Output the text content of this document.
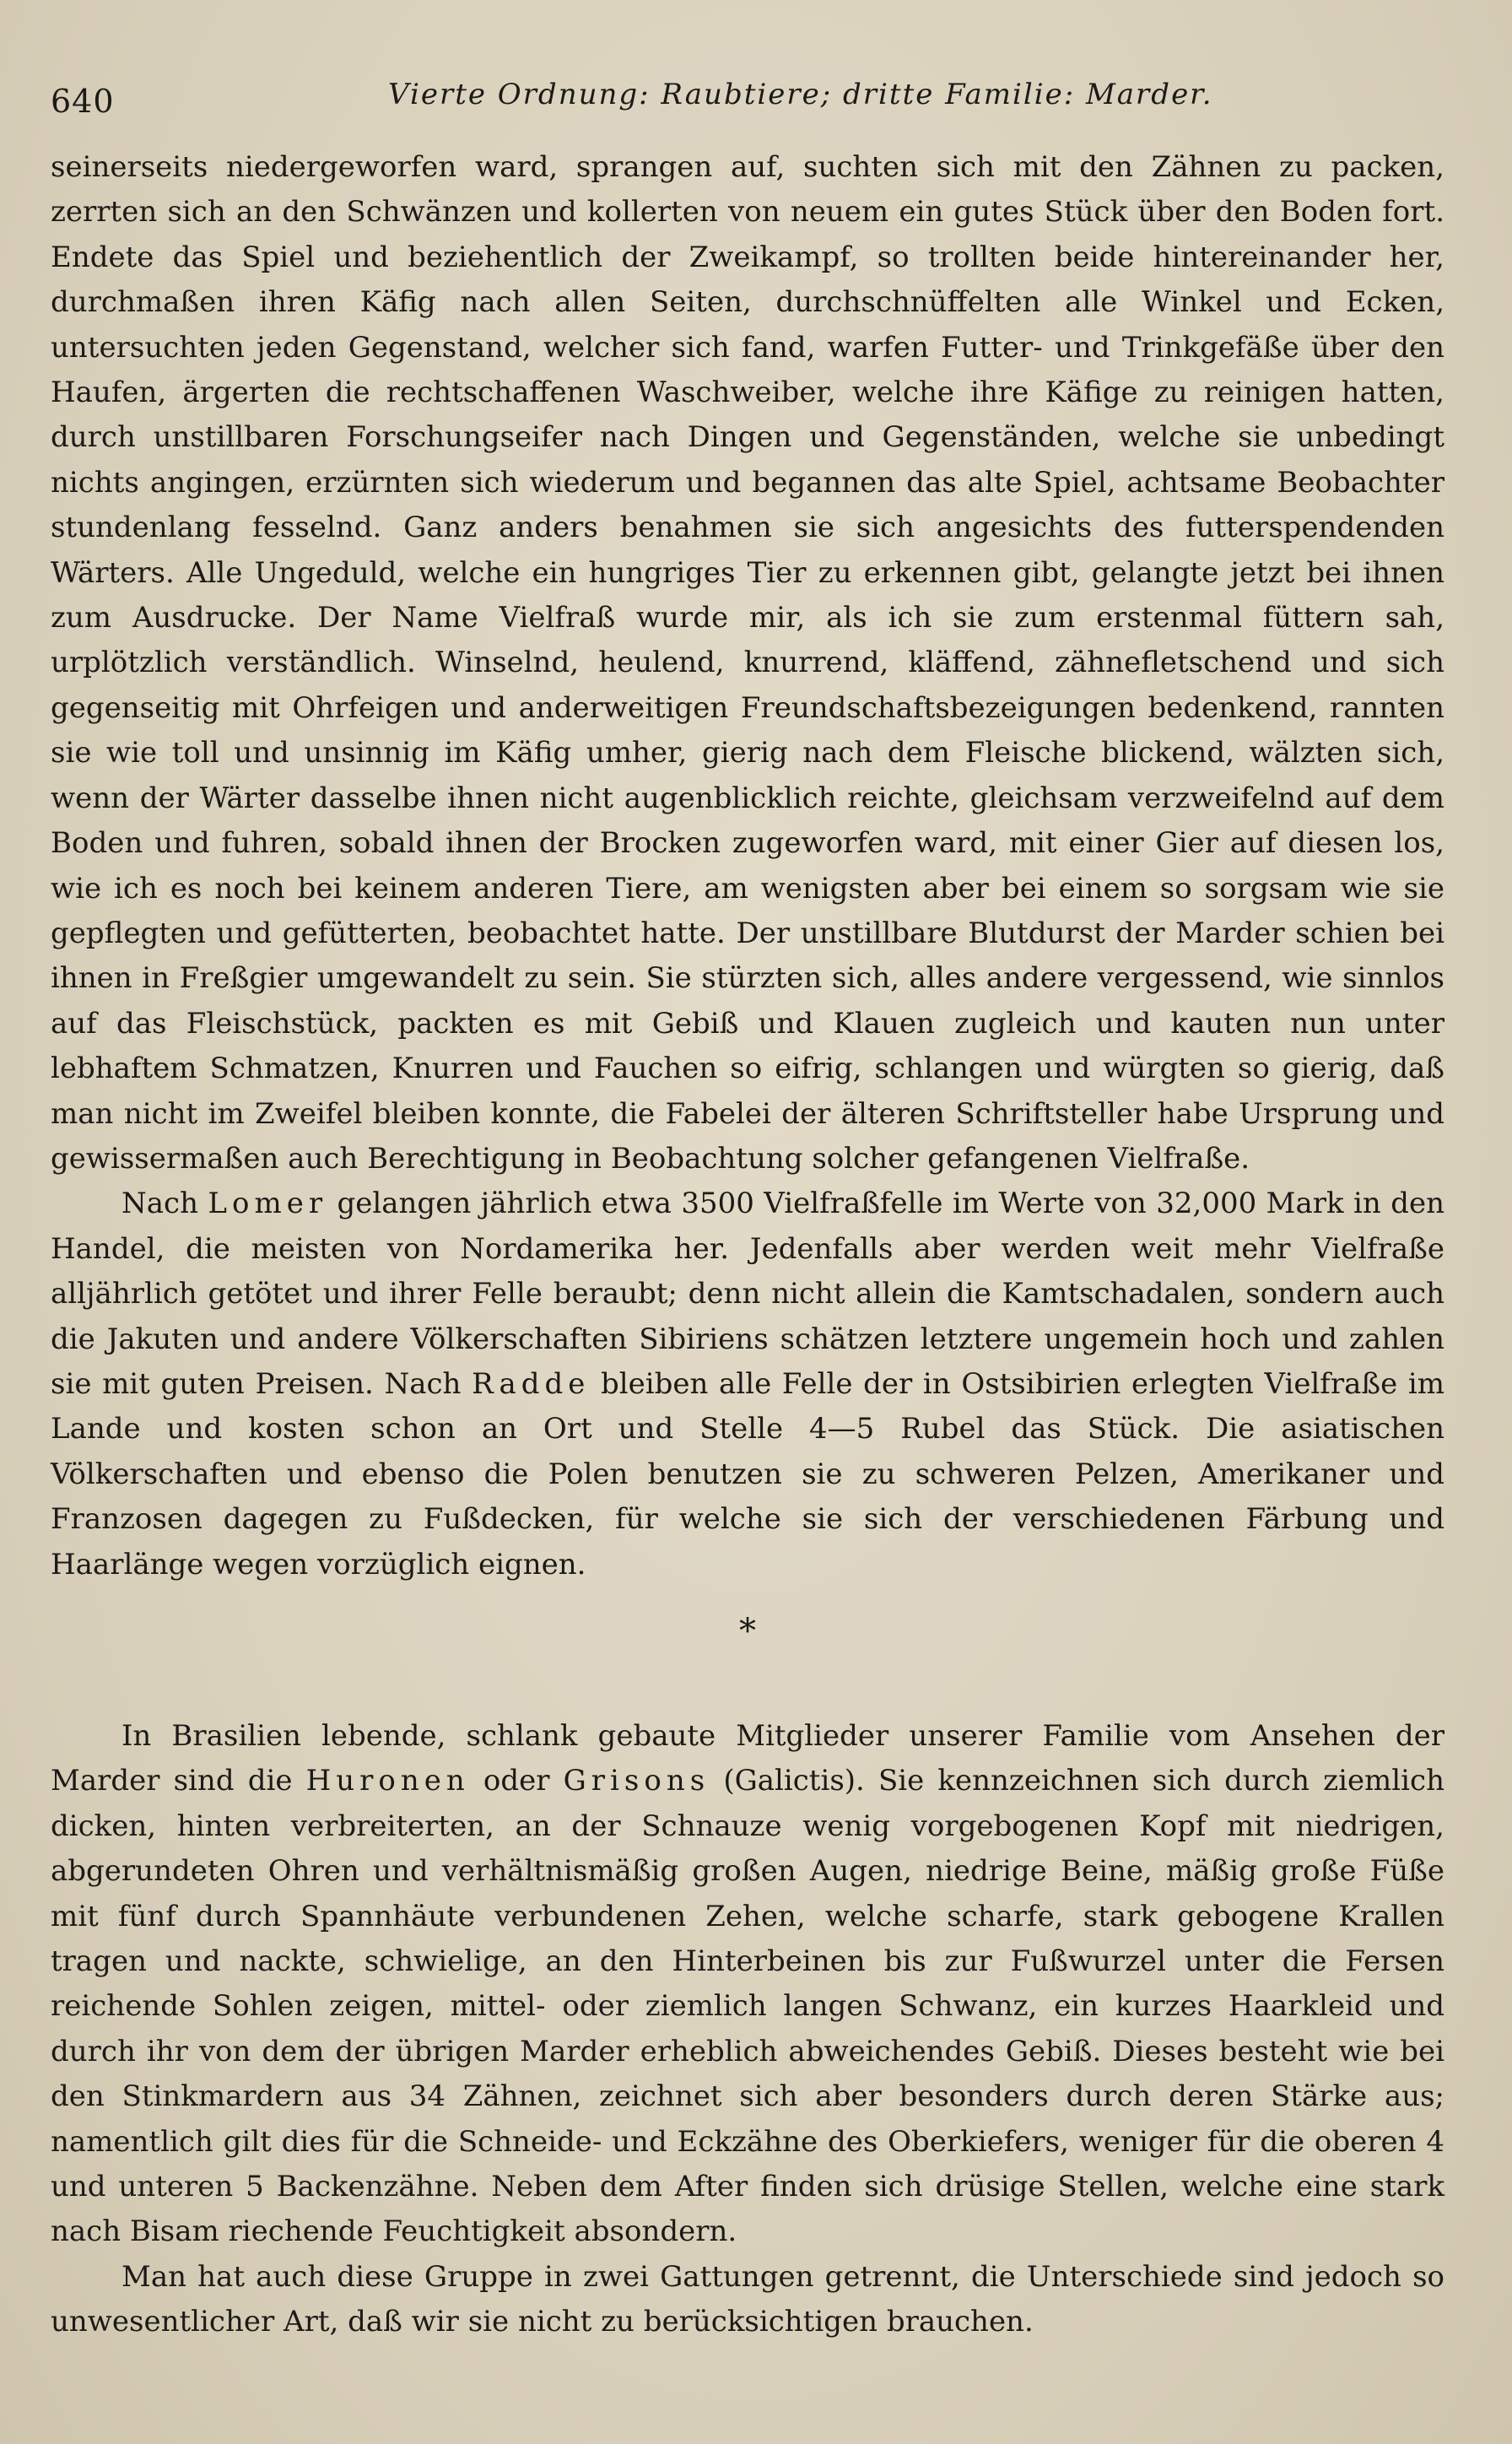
640	Vierte Ordnung: Raubtiere; dritte Familie: Marder.

seinerseits niedergeworfen ward, sprangen auf, suchten sich mit den Zähnen zu packen, zerrten sich an den Schwänzen und kollerten von neuem ein gutes Stück über den Boden fort. Endete das Spiel und beziehentlich der Zweikampf, so trollten beide hintereinander her, durchmaßen ihren Käfig nach allen Seiten, durchschnüffelten alle Winkel und Ecken, untersuchten jeden Gegenstand, welcher sich fand, warfen Futter- und Trinkgefäße über den Haufen, ärgerten die rechtschaffenen Waschweiber, welche ihre Käfige zu reinigen hatten, durch unstillbaren Forschungseifer nach Dingen und Gegenständen, welche sie unbedingt nichts angingen, erzürnten sich wiederum und begannen das alte Spiel, achtsame Beobachter stundenlang fesselnd. Ganz anders benahmen sie sich angesichts des futterspendenden Wärters. Alle Ungeduld, welche ein hungriges Tier zu erkennen gibt, gelangte jetzt bei ihnen zum Ausdrucke. Der Name Vielfraß wurde mir, als ich sie zum erstenmal füttern sah, urplötzlich verständlich. Winselnd, heulend, knurrend, kläffend, zähnefletschend und sich gegenseitig mit Ohrfeigen und anderweitigen Freundschaftsbezeigungen bedenkend, rannten sie wie toll und unsinnig im Käfig umher, gierig nach dem Fleische blickend, wälzten sich, wenn der Wärter dasselbe ihnen nicht augenblicklich reichte, gleichsam verzweifelnd auf dem Boden und fuhren, sobald ihnen der Brocken zugeworfen ward, mit einer Gier auf diesen los, wie ich es noch bei keinem anderen Tiere, am wenigsten aber bei einem so sorgsam wie sie gepflegten und gefütterten, beobachtet hatte. Der unstillbare Blutdurst der Marder schien bei ihnen in Freßgier umgewandelt zu sein. Sie stürzten sich, alles andere vergessend, wie sinnlos auf das Fleischstück, packten es mit Gebiß und Klauen zugleich und kauten nun unter lebhaftem Schmatzen, Knurren und Fauchen so eifrig, schlangen und würgten so gierig, daß man nicht im Zweifel bleiben konnte, die Fabelei der älteren Schriftsteller habe Ursprung und gewissermaßen auch Berechtigung in Beobachtung solcher gefangenen Vielfraße.

Nach Lomer gelangen jährlich etwa 3500 Vielfraßfelle im Werte von 32,000 Mark in den Handel, die meisten von Nordamerika her. Jedenfalls aber werden weit mehr Vielfraße alljährlich getötet und ihrer Felle beraubt; denn nicht allein die Kamtschadalen, sondern auch die Jakuten und andere Völkerschaften Sibiriens schätzen letztere ungemein hoch und zahlen sie mit guten Preisen. Nach Radde bleiben alle Felle der in Ostsibirien erlegten Vielfraße im Lande und kosten schon an Ort und Stelle 4—5 Rubel das Stück. Die asiatischen Völkerschaften und ebenso die Polen benutzen sie zu schweren Pelzen, Amerikaner und Franzosen dagegen zu Fußdecken, für welche sie sich der verschiedenen Färbung und Haarlänge wegen vorzüglich eignen.

*

In Brasilien lebende, schlank gebaute Mitglieder unserer Familie vom Ansehen der Marder sind die Huronen oder Grisons (Galictis). Sie kennzeichnen sich durch ziemlich dicken, hinten verbreiterten, an der Schnauze wenig vorgebogenen Kopf mit niedrigen, abgerundeten Ohren und verhältnismäßig großen Augen, niedrige Beine, mäßig große Füße mit fünf durch Spannhäute verbundenen Zehen, welche scharfe, stark gebogene Krallen tragen und nackte, schwielige, an den Hinterbeinen bis zur Fußwurzel unter die Fersen reichende Sohlen zeigen, mittel- oder ziemlich langen Schwanz, ein kurzes Haarkleid und durch ihr von dem der übrigen Marder erheblich abweichendes Gebiß. Dieses besteht wie bei den Stinkmardern aus 34 Zähnen, zeichnet sich aber besonders durch deren Stärke aus; namentlich gilt dies für die Schneide- und Eckzähne des Oberkiefers, weniger für die oberen 4 und unteren 5 Backenzähne. Neben dem After finden sich drüsige Stellen, welche eine stark nach Bisam riechende Feuchtigkeit absondern.

Man hat auch diese Gruppe in zwei Gattungen getrennt, die Unterschiede sind jedoch so unwesentlicher Art, daß wir sie nicht zu berücksichtigen brauchen.
